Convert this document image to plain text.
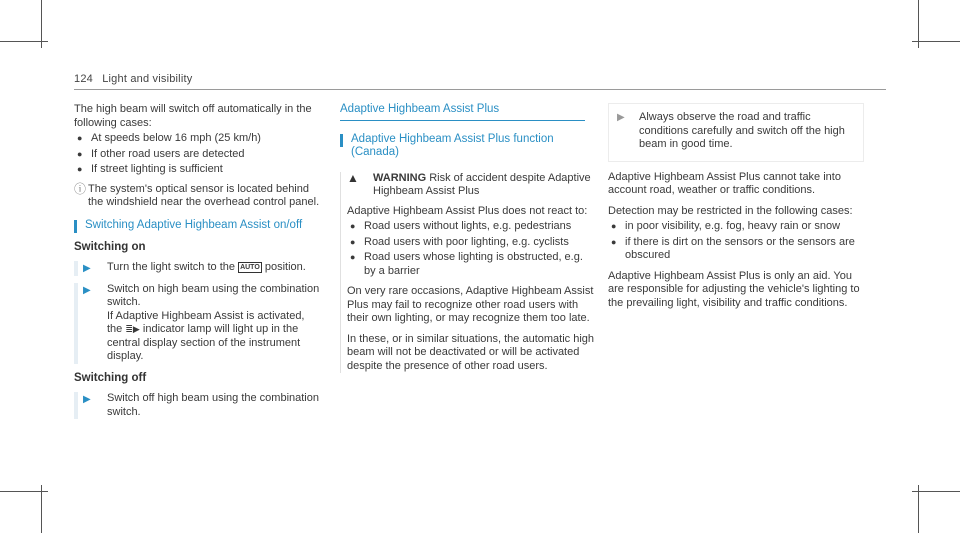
124 Light and visibility

The high beam will switch off automatically in the following cases:

● At speeds below 16 mph (25 km/h)
● If other road users are detected
● If street lighting is sufficient
ⓘ The system's optical sensor is located behind the windshield near the overhead control panel.
Switching Adaptive Highbeam Assist on/off
Switching on
▶	Turn the light switch to the AUTO position.
▶	Switch on high beam using the combination switch.
If Adaptive Highbeam Assist is activated, the ≣▶ indicator lamp will light up in the central display section of the instrument display.
Switching off
▶	Switch off high beam using the combination switch.
Adaptive Highbeam Assist Plus
Adaptive Highbeam Assist Plus function (Canada)
▲	WARNING Risk of accident despite Adaptive Highbeam Assist Plus

Adaptive Highbeam Assist Plus does not react to:

● Road users without lights, e.g. pedestrians
● Road users with poor lighting, e.g. cyclists
● Road users whose lighting is obstructed, e.g. by a barrier

On very rare occasions, Adaptive Highbeam Assist Plus may fail to recognize other road users with their own lighting, or may recognize them too late.

In these, or in similar situations, the automatic high beam will not be deactivated or will be activated despite the presence of other road users.

▶	Always observe the road and traffic conditions carefully and switch off the high beam in good time.

Adaptive Highbeam Assist Plus cannot take into account road, weather or traffic conditions.

Detection may be restricted in the following cases:

● in poor visibility, e.g. fog, heavy rain or snow
● if there is dirt on the sensors or the sensors are obscured

Adaptive Highbeam Assist Plus is only an aid. You are responsible for adjusting the vehicle's lighting to the prevailing light, visibility and traffic conditions.
